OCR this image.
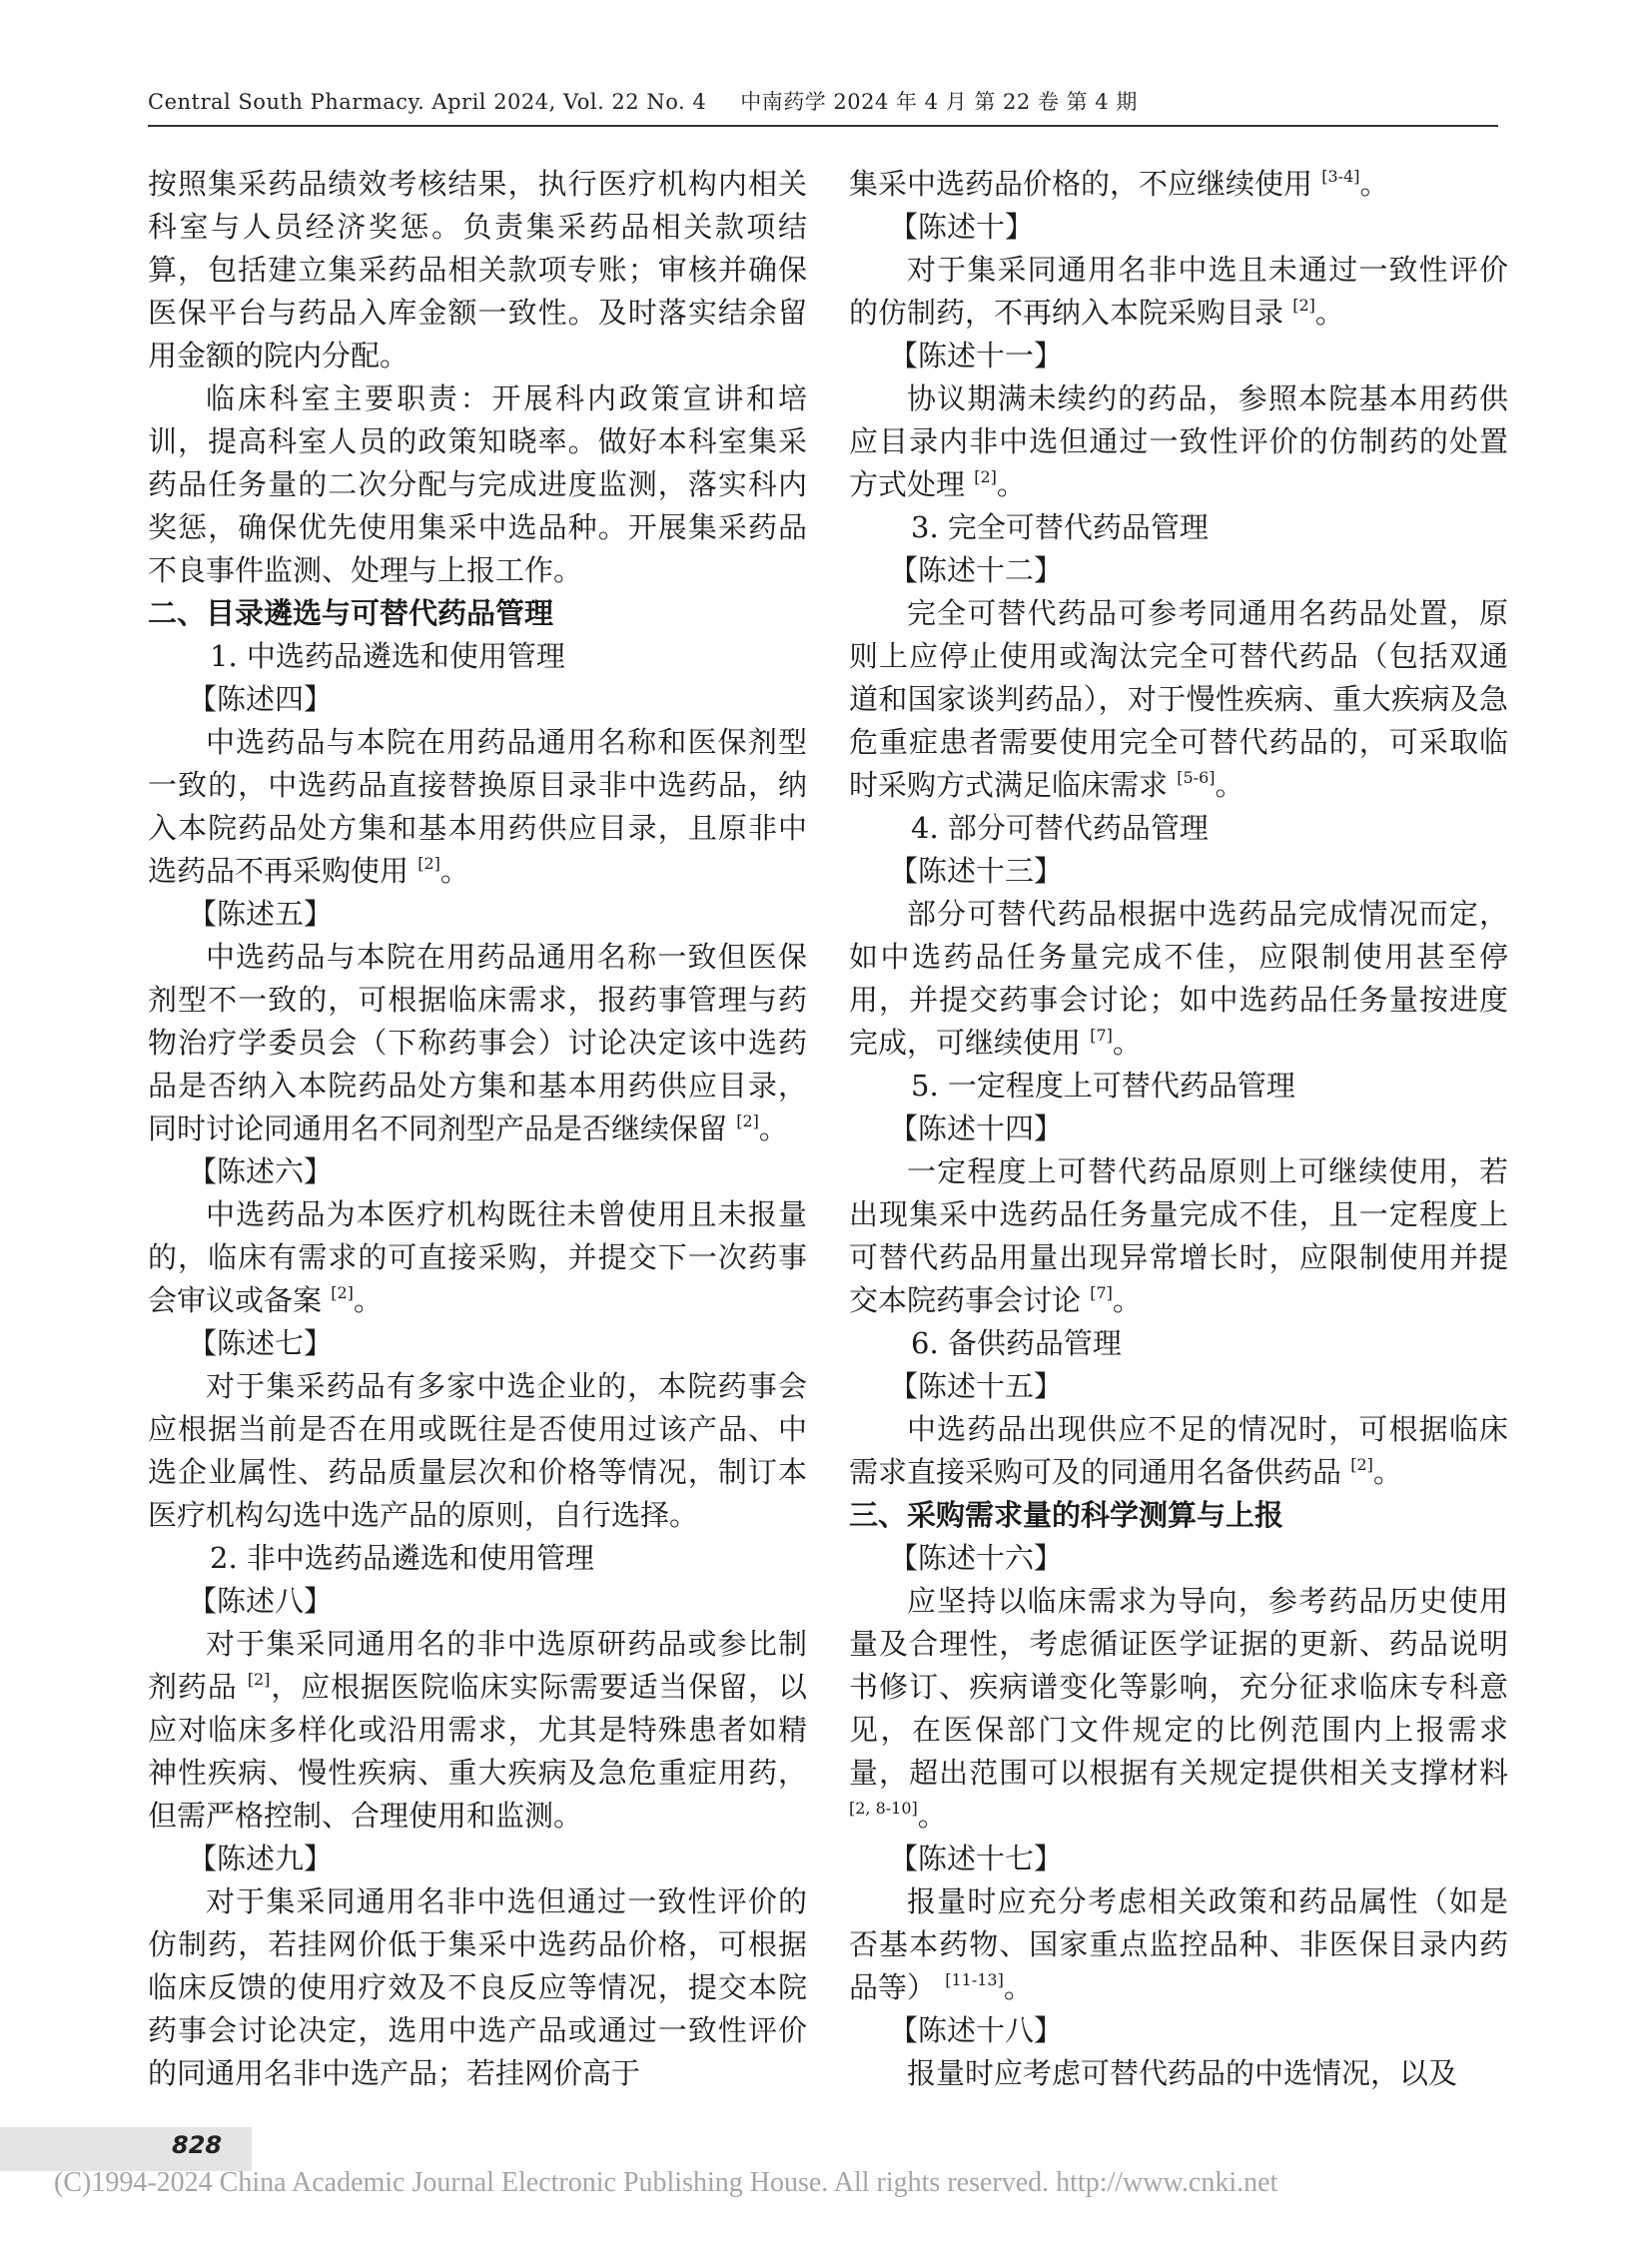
Central South Pharmacy. April 2024, Vol. 22 No. 4 中南药学 2024 年 4 月 第 22 卷 第 4 期

按照集采药品绩效考核结果，执行医疗机构内相关科室与人员经济奖惩。负责集采药品相关款项结算，包括建立集采药品相关款项专账；审核并确保医保平台与药品入库金额一致性。及时落实结余留用金额的院内分配。

临床科室主要职责：开展科内政策宣讲和培训，提高科室人员的政策知晓率。做好本科室集采药品任务量的二次分配与完成进度监测，落实科内奖惩，确保优先使用集采中选品种。开展集采药品不良事件监测、处理与上报工作。

二、目录遴选与可替代药品管理

1. 中选药品遴选和使用管理

【陈述四】

中选药品与本院在用药品通用名称和医保剂型一致的，中选药品直接替换原目录非中选药品，纳入本院药品处方集和基本用药供应目录，且原非中选药品不再采购使用 [2]。

【陈述五】

中选药品与本院在用药品通用名称一致但医保剂型不一致的，可根据临床需求，报药事管理与药物治疗学委员会（下称药事会）讨论决定该中选药品是否纳入本院药品处方集和基本用药供应目录，同时讨论同通用名不同剂型产品是否继续保留 [2]。

【陈述六】

中选药品为本医疗机构既往未曾使用且未报量的，临床有需求的可直接采购，并提交下一次药事会审议或备案 [2]。

【陈述七】

对于集采药品有多家中选企业的，本院药事会应根据当前是否在用或既往是否使用过该产品、中选企业属性、药品质量层次和价格等情况，制订本医疗机构勾选中选产品的原则，自行选择。

2. 非中选药品遴选和使用管理

【陈述八】

对于集采同通用名的非中选原研药品或参比制剂药品 [2]，应根据医院临床实际需要适当保留，以应对临床多样化或沿用需求，尤其是特殊患者如精神性疾病、慢性疾病、重大疾病及急危重症用药，但需严格控制、合理使用和监测。

【陈述九】

对于集采同通用名非中选但通过一致性评价的仿制药，若挂网价低于集采中选药品价格，可根据临床反馈的使用疗效及不良反应等情况，提交本院药事会讨论决定，选用中选产品或通过一致性评价的同通用名非中选产品；若挂网价高于

集采中选药品价格的，不应继续使用 [3-4]。

【陈述十】

对于集采同通用名非中选且未通过一致性评价的仿制药，不再纳入本院采购目录 [2]。

【陈述十一】

协议期满未续约的药品，参照本院基本用药供应目录内非中选但通过一致性评价的仿制药的处置方式处理 [2]。

3. 完全可替代药品管理

【陈述十二】

完全可替代药品可参考同通用名药品处置，原则上应停止使用或淘汰完全可替代药品（包括双通道和国家谈判药品），对于慢性疾病、重大疾病及急危重症患者需要使用完全可替代药品的，可采取临时采购方式满足临床需求 [5-6]。

4. 部分可替代药品管理

【陈述十三】

部分可替代药品根据中选药品完成情况而定，如中选药品任务量完成不佳，应限制使用甚至停用，并提交药事会讨论；如中选药品任务量按进度完成，可继续使用 [7]。

5. 一定程度上可替代药品管理

【陈述十四】

一定程度上可替代药品原则上可继续使用，若出现集采中选药品任务量完成不佳，且一定程度上可替代药品用量出现异常增长时，应限制使用并提交本院药事会讨论 [7]。

6. 备供药品管理

【陈述十五】

中选药品出现供应不足的情况时，可根据临床需求直接采购可及的同通用名备供药品 [2]。

三、采购需求量的科学测算与上报

【陈述十六】

应坚持以临床需求为导向，参考药品历史使用量及合理性，考虑循证医学证据的更新、药品说明书修订、疾病谱变化等影响，充分征求临床专科意见，在医保部门文件规定的比例范围内上报需求量，超出范围可以根据有关规定提供相关支撑材料 [2, 8-10]。

【陈述十七】

报量时应充分考虑相关政策和药品属性（如是否基本药物、国家重点监控品种、非医保目录内药品等） [11-13]。

【陈述十八】

报量时应考虑可替代药品的中选情况，以及

828
(C)1994-2024 China Academic Journal Electronic Publishing House. All rights reserved. http://www.cnki.net
